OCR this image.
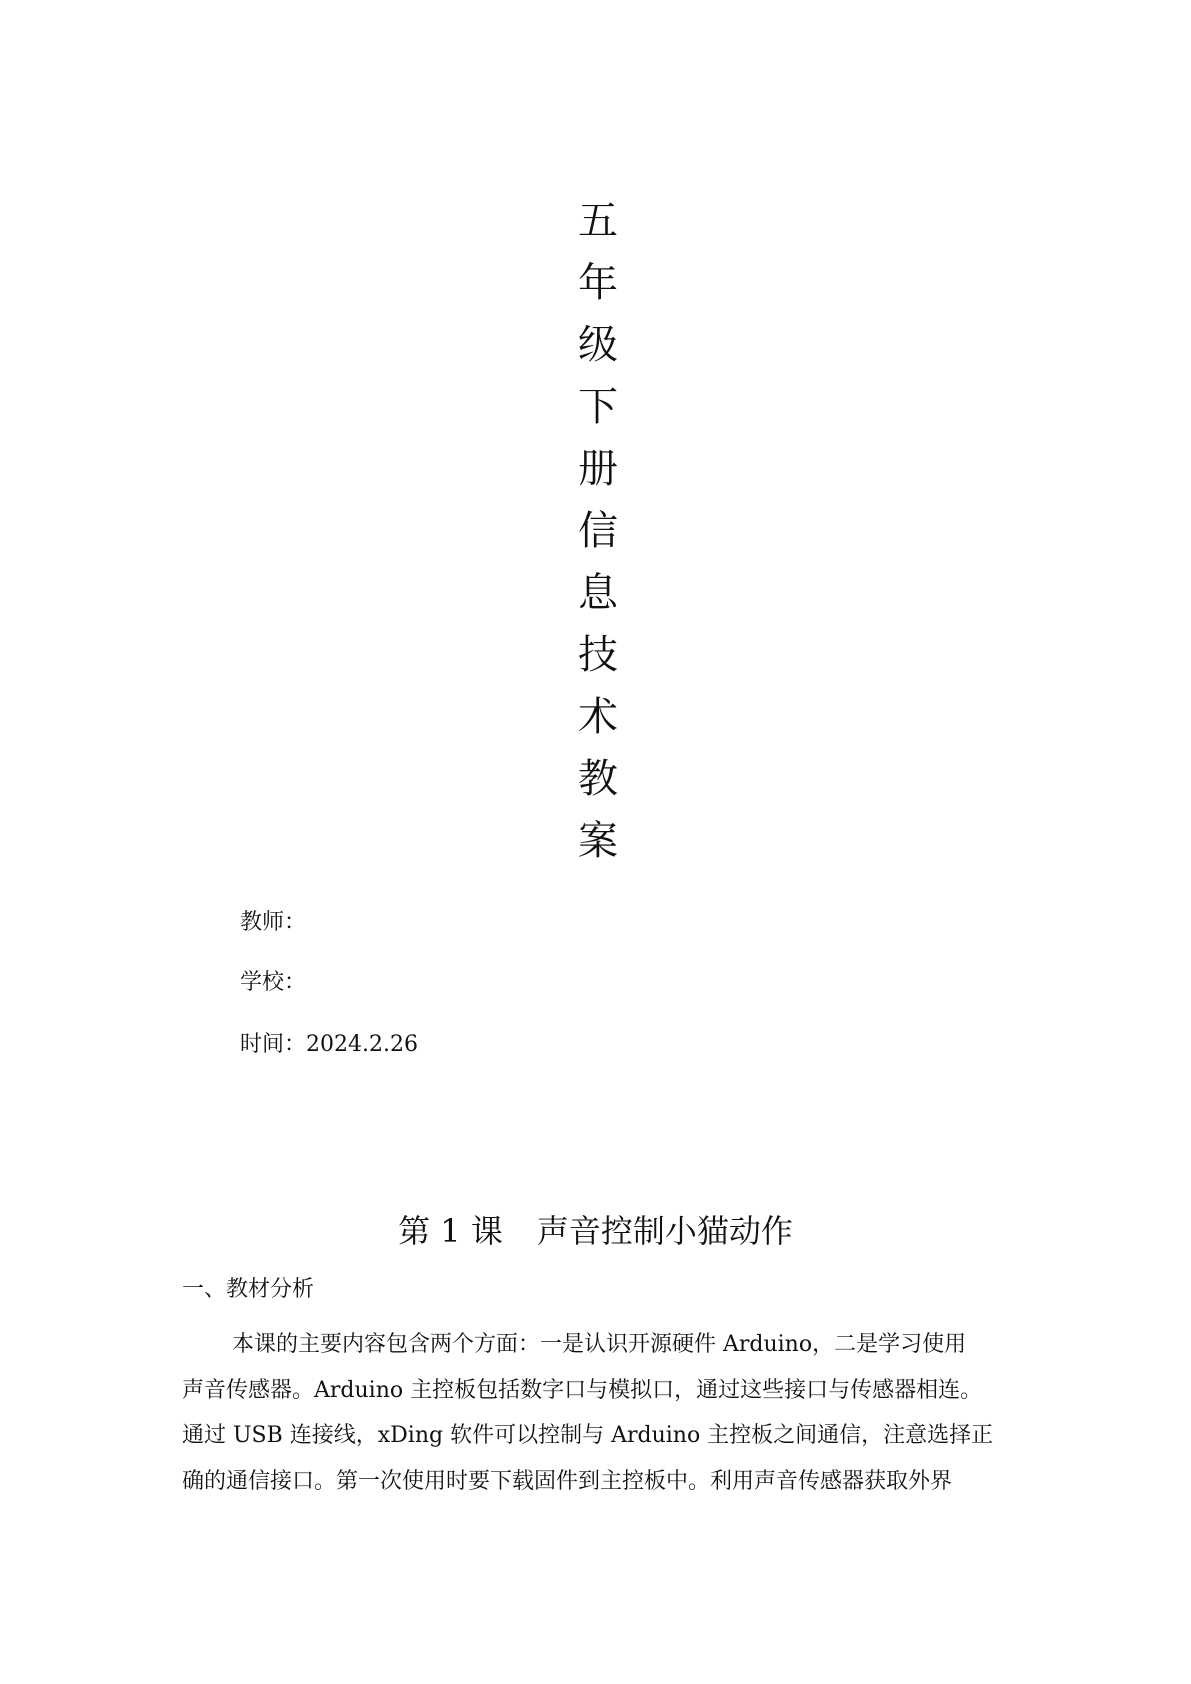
五
年
级
下
册
信
息
技
术
教
案
教师：
学校：
时间：2024.2.26
第 1 课 声音控制小猫动作
一、教材分析
本课的主要内容包含两个方面：一是认识开源硬件 Arduino，二是学习使用
声音传感器。Arduino 主控板包括数字口与模拟口，通过这些接口与传感器相连。
通过 USB 连接线，xDing 软件可以控制与 Arduino 主控板之间通信，注意选择正
确的通信接口。第一次使用时要下载固件到主控板中。利用声音传感器获取外界
